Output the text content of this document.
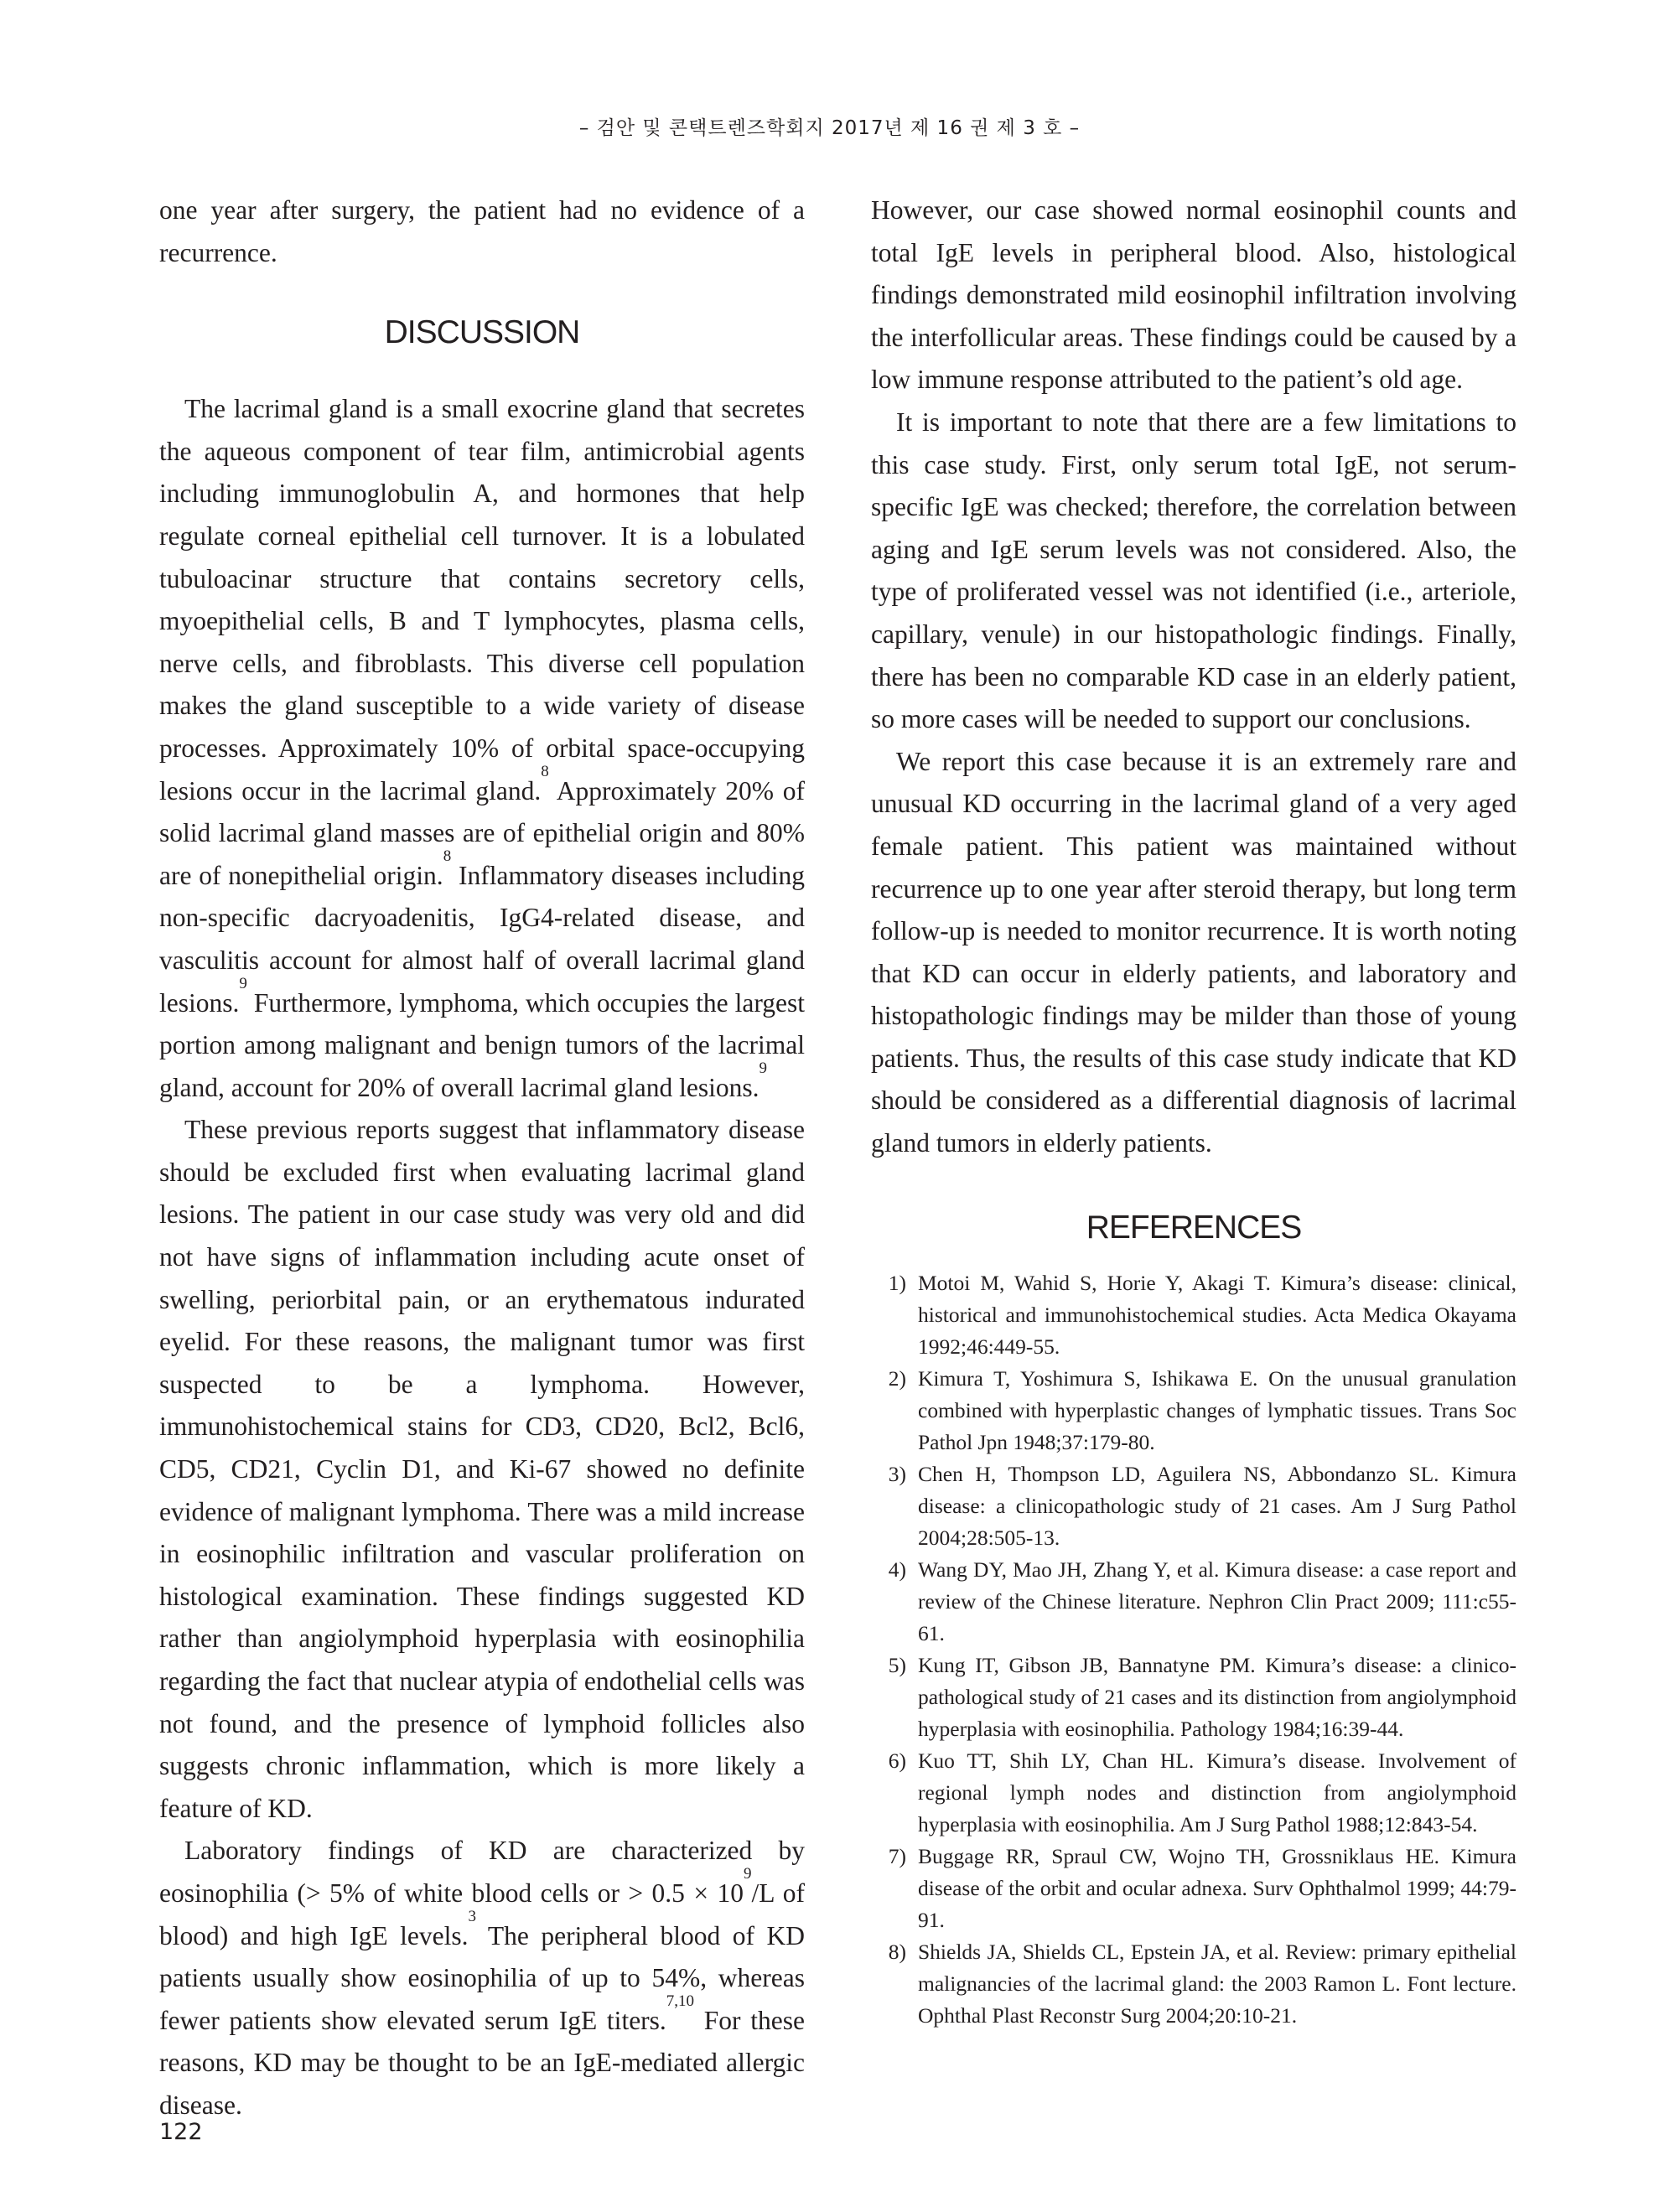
– 검안 및 콘택트렌즈학회지 2017년 제 16 권 제 3 호 –

one year after surgery, the patient had no evidence of a recurrence.

DISCUSSION

The lacrimal gland is a small exocrine gland that secretes the aqueous component of tear film, antimicrobial agents including immunoglobulin A, and hormones that help regulate corneal epithelial cell turnover. It is a lobulated tubuloacinar structure that contains secretory cells, myoepithelial cells, B and T lymphocytes, plasma cells, nerve cells, and fibroblasts. This diverse cell population makes the gland susceptible to a wide variety of disease processes. Approximately 10% of orbital space-occupying lesions occur in the lacrimal gland.$^8$ Approximately 20% of solid lacrimal gland masses are of epithelial origin and 80% are of nonepithelial origin.$^8$ Inflammatory diseases including non-specific dacryoadenitis, IgG4-related disease, and vasculitis account for almost half of overall lacrimal gland lesions.$^9$ Furthermore, lymphoma, which occupies the largest portion among malignant and benign tumors of the lacrimal gland, account for 20% of overall lacrimal gland lesions.$^9$

These previous reports suggest that inflammatory disease should be excluded first when evaluating lacrimal gland lesions. The patient in our case study was very old and did not have signs of inflammation including acute onset of swelling, periorbital pain, or an erythematous indurated eyelid. For these reasons, the malignant tumor was first suspected to be a lymphoma. However, immunohistochemical stains for CD3, CD20, Bcl2, Bcl6, CD5, CD21, Cyclin D1, and Ki-67 showed no definite evidence of malignant lymphoma. There was a mild increase in eosinophilic infiltration and vascular proliferation on histological examination. These findings suggested KD rather than angiolymphoid hyperplasia with eosinophilia regarding the fact that nuclear atypia of endothelial cells was not found, and the presence of lymphoid follicles also suggests chronic inflammation, which is more likely a feature of KD.

Laboratory findings of KD are characterized by eosinophilia (> 5% of white blood cells or > $0.5 \times 10^9/L$ of blood) and high IgE levels.$^3$ The peripheral blood of KD patients usually show eosinophilia of up to 54%, whereas fewer patients show elevated serum IgE titers.$^{7,10}$ For these reasons, KD may be thought to be an IgE-mediated allergic disease.

However, our case showed normal eosinophil counts and total IgE levels in peripheral blood. Also, histological findings demonstrated mild eosinophil infiltration involving the interfollicular areas. These findings could be caused by a low immune response attributed to the patient’s old age.

It is important to note that there are a few limitations to this case study. First, only serum total IgE, not serum-specific IgE was checked; therefore, the correlation between aging and IgE serum levels was not considered. Also, the type of proliferated vessel was not identified (i.e., arteriole, capillary, venule) in our histopathologic findings. Finally, there has been no comparable KD case in an elderly patient, so more cases will be needed to support our conclusions.

We report this case because it is an extremely rare and unusual KD occurring in the lacrimal gland of a very aged female patient. This patient was maintained without recurrence up to one year after steroid therapy, but long term follow-up is needed to monitor recurrence. It is worth noting that KD can occur in elderly patients, and laboratory and histopathologic findings may be milder than those of young patients. Thus, the results of this case study indicate that KD should be considered as a differential diagnosis of lacrimal gland tumors in elderly patients.

REFERENCES
1) Motoi M, Wahid S, Horie Y, Akagi T. Kimura’s disease: clinical, historical and immunohistochemical studies. Acta Medica Okayama 1992;46:449-55.
2) Kimura T, Yoshimura S, Ishikawa E. On the unusual granulation combined with hyperplastic changes of lymphatic tissues. Trans Soc Pathol Jpn 1948;37:179-80.
3) Chen H, Thompson LD, Aguilera NS, Abbondanzo SL. Kimura disease: a clinicopathologic study of 21 cases. Am J Surg Pathol 2004;28:505-13.
4) Wang DY, Mao JH, Zhang Y, et al. Kimura disease: a case report and review of the Chinese literature. Nephron Clin Pract 2009; 111:c55-61.
5) Kung IT, Gibson JB, Bannatyne PM. Kimura’s disease: a clinico-pathological study of 21 cases and its distinction from angiolymphoid hyperplasia with eosinophilia. Pathology 1984;16:39-44.
6) Kuo TT, Shih LY, Chan HL. Kimura’s disease. Involvement of regional lymph nodes and distinction from angiolymphoid hyperplasia with eosinophilia. Am J Surg Pathol 1988;12:843-54.
7) Buggage RR, Spraul CW, Wojno TH, Grossniklaus HE. Kimura disease of the orbit and ocular adnexa. Surv Ophthalmol 1999; 44:79-91.
8) Shields JA, Shields CL, Epstein JA, et al. Review: primary epithelial malignancies of the lacrimal gland: the 2003 Ramon L. Font lecture. Ophthal Plast Reconstr Surg 2004;20:10-21.
122
